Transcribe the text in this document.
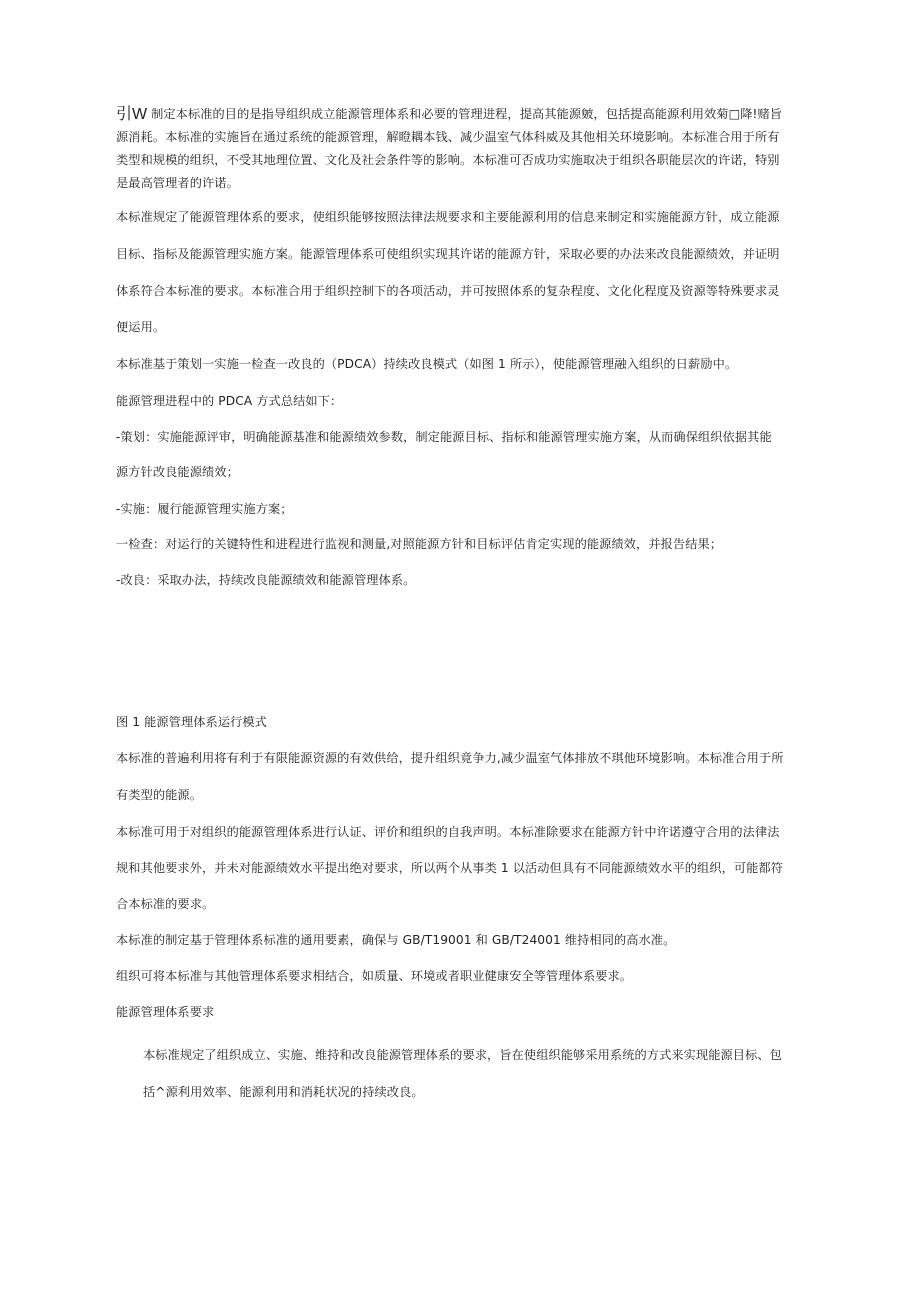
引W 制定本标准的目的是指导组织成立能源管理体系和必要的管理进程，提高其能源皴，包括提高能源利用效菊□降!赌旨源消耗。本标准的实施旨在通过系统的能源管理，解瞪耦本钱、减少温室气体科威及其他相关环境影响。本标准合用于所有类型和规模的组织，不受其地理位置、文化及社会条件等的影响。本标准可否成功实施取决于组织各职能层次的许诺，特别是最高管理者的许诺。
本标准规定了能源管理体系的要求，使组织能够按照法律法规要求和主要能源利用的信息来制定和实施能源方针，成立能源
目标、指标及能源管理实施方案。能源管理体系可使组织实现其许诺的能源方针，采取必要的办法来改良能源绩效，并证明
体系符合本标准的要求。本标准合用于组织控制下的各项活动，并可按照体系的复杂程度、文化化程度及资源等特殊要求灵
便运用。
本标准基于策划一实施一检查一改良的（PDCA）持续改良模式（如图 1 所示），使能源管理融入组织的日薪励中。
能源管理进程中的 PDCA 方式总结如下：
-策划：实施能源评审，明确能源基准和能源绩效参数，制定能源目标、指标和能源管理实施方案，从而确保组织依据其能
源方针改良能源绩效；
-实施：履行能源管理实施方案；
一检查：对运行的关键特性和进程进行监视和测量,对照能源方针和目标评估肯定实现的能源绩效，并报告结果；
-改良：采取办法，持续改良能源绩效和能源管理体系。
图 1 能源管理体系运行模式
本标准的普遍利用将有利于有限能源资源的有效供给，提升组织竟争力,减少温室气体排放不琪他环境影响。本标准合用于所
有类型的能源。
本标准可用于对组织的能源管理体系进行认证、评价和组织的自我声明。本标准除要求在能源方针中许诺遵守合用的法律法
规和其他要求外，并未对能源绩效水平提出绝对要求，所以两个从事类 1 以活动但具有不同能源绩效水平的组织，可能都符
合本标准的要求。
本标准的制定基于管理体系标准的通用要素，确保与 GB/T19001 和 GB/T24001 维持相同的高水准。
组织可将本标准与其他管理体系要求相结合，如质量、环境或者职业健康安全等管理体系要求。
能源管理体系要求
本标准规定了组织成立、实施、维持和改良能源管理体系的要求，旨在使组织能够采用系统的方式来实现能源目标、包
括^源利用效率、能源利用和消耗状况的持续改良。
